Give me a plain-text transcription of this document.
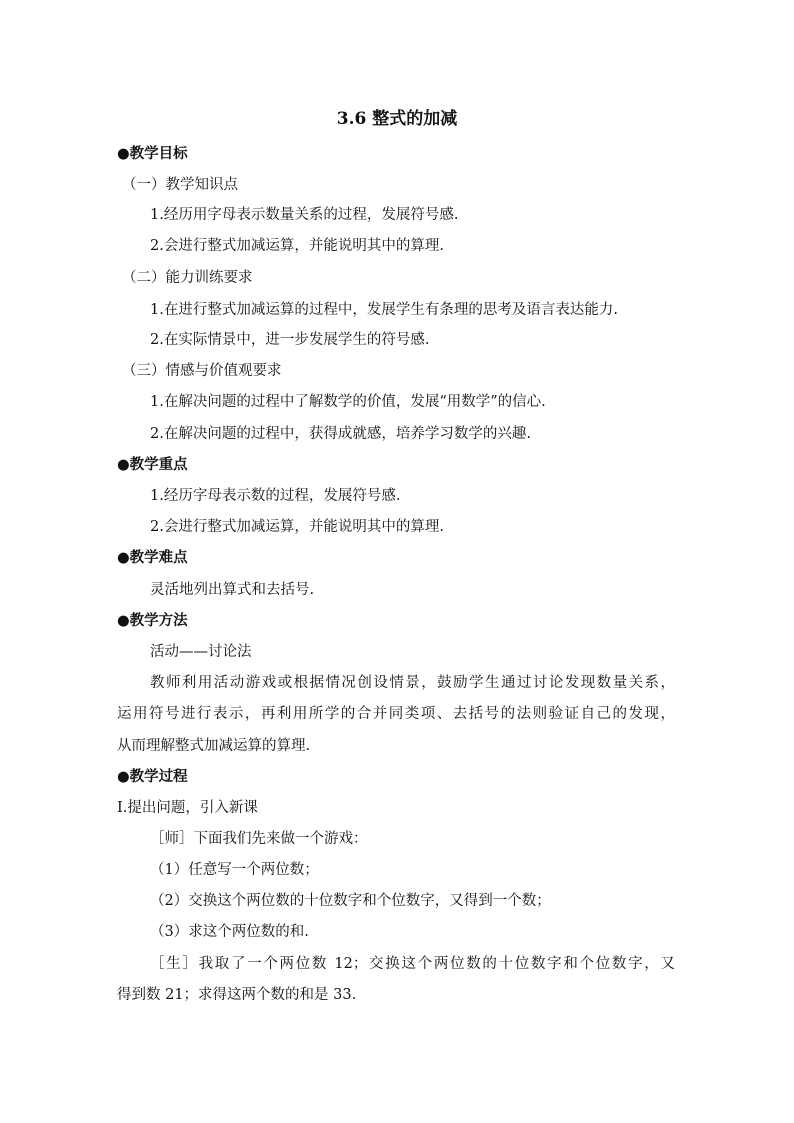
3.6 整式的加减

●教学目标

（一）教学知识点

1.经历用字母表示数量关系的过程，发展符号感.

2.会进行整式加减运算，并能说明其中的算理.

（二）能力训练要求

1.在进行整式加减运算的过程中，发展学生有条理的思考及语言表达能力.

2.在实际情景中，进一步发展学生的符号感.

（三）情感与价值观要求

1.在解决问题的过程中了解数学的价值，发展“用数学”的信心.

2.在解决问题的过程中，获得成就感，培养学习数学的兴趣.

●教学重点

1.经历字母表示数的过程，发展符号感.

2.会进行整式加减运算，并能说明其中的算理.

●教学难点

灵活地列出算式和去括号.

●教学方法

活动——讨论法

教师利用活动游戏或根据情况创设情景，鼓励学生通过讨论发现数量关系，

运用符号进行表示，再利用所学的合并同类项、去括号的法则验证自己的发现，

从而理解整式加减运算的算理.

●教学过程

Ⅰ.提出问题，引入新课

［师］下面我们先来做一个游戏：

（1）任意写一个两位数；

（2）交换这个两位数的十位数字和个位数字，又得到一个数；

（3）求这个两位数的和.

［生］我取了一个两位数 12；交换这个两位数的十位数字和个位数字，又

得到数 21；求得这两个数的和是 33.
